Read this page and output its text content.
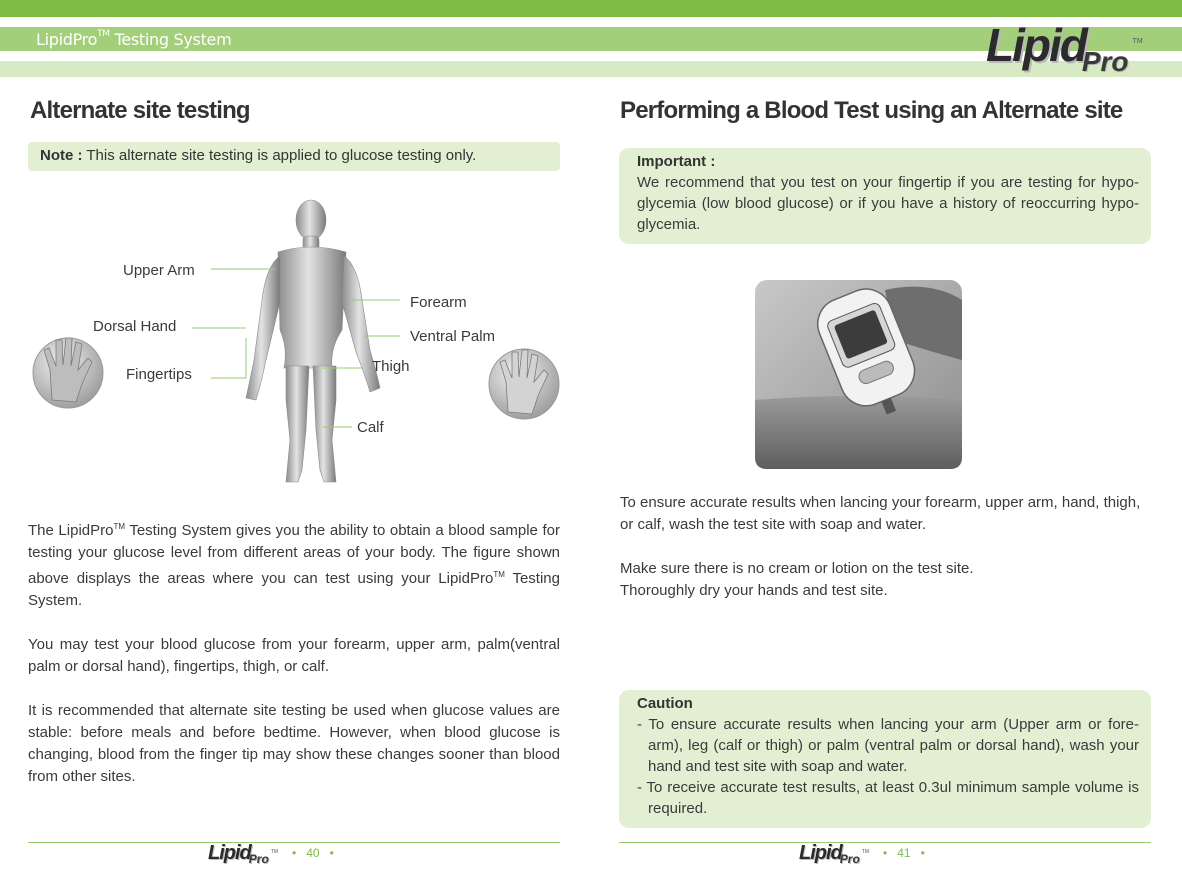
LipidPro™ Testing System	LipidPro™
Alternate site testing
Note : This alternate site testing is applied to glucose testing only.
Upper Arm
Dorsal Hand
Fingertips
Forearm
Ventral Palm
Thigh
Calf

The LipidPro™ Testing System gives you the ability to obtain a blood sample for testing your glucose level from different areas of your body. The figure shown above displays the areas where you can test using your LipidPro™ Testing System.

You may test your blood glucose from your forearm, upper arm, palm(ventral palm or dorsal hand), fingertips, thigh, or calf.

It is recommended that alternate site testing be used when glucose values are stable: before meals and before bedtime. However, when blood glucose is changing, blood from the finger tip may show these changes sooner than blood from other sites.

Performing a Blood Test using an Alternate site
Important :
We recommend that you test on your fingertip if you are testing for hypo-glycemia (low blood glucose) or if you have a history of reoccurring hypo-glycemia.

To ensure accurate results when lancing your forearm, upper arm, hand, thigh, or calf, wash the test site with soap and water.

Make sure there is no cream or lotion on the test site.
Thoroughly dry your hands and test site.
Caution
- To ensure accurate results when lancing your arm (Upper arm or fore-arm), leg (calf or thigh) or palm (ventral palm or dorsal hand), wash your hand and test site with soap and water.
- To receive accurate test results, at least 0.3ul minimum sample volume is required.
Lipid$_{Pro}$ ™ • 40 •	Lipid$_{Pro}$ ™ • 41 •
